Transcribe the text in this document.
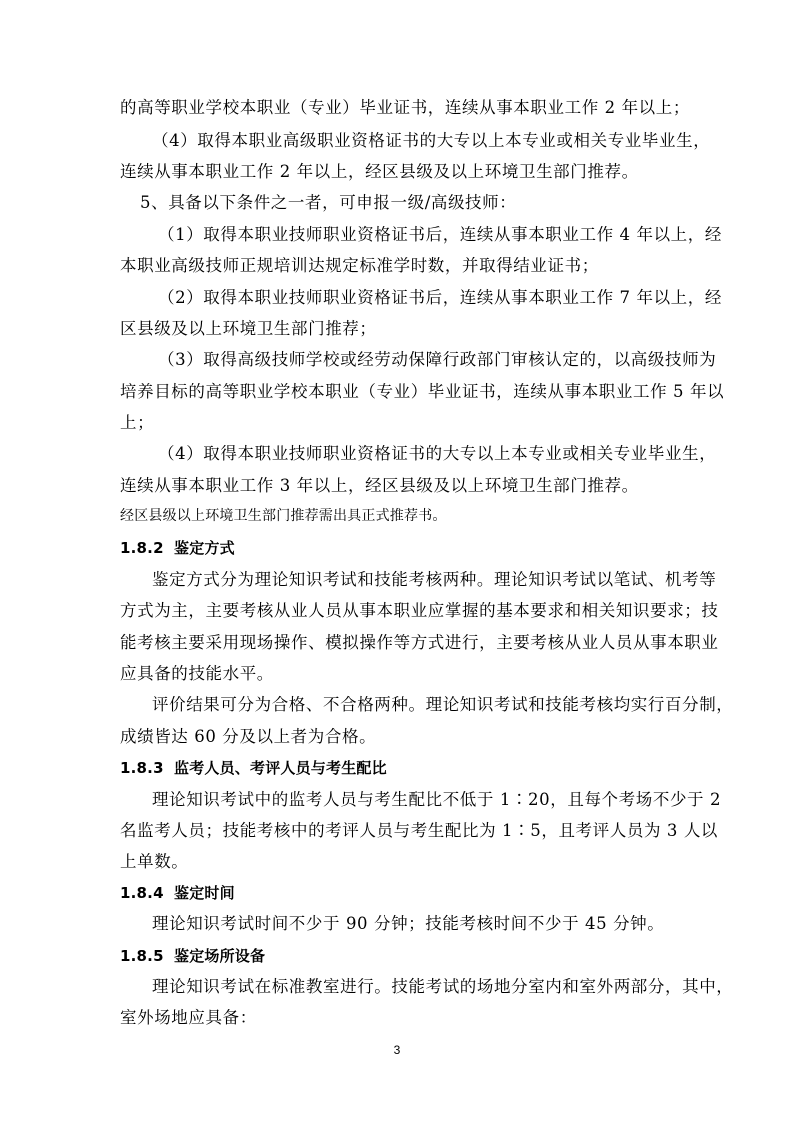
的高等职业学校本职业（专业）毕业证书，连续从事本职业工作 2 年以上；
（4）取得本职业高级职业资格证书的大专以上本专业或相关专业毕业生，
连续从事本职业工作 2 年以上，经区县级及以上环境卫生部门推荐。
5、具备以下条件之一者，可申报一级/高级技师：
（1）取得本职业技师职业资格证书后，连续从事本职业工作 4 年以上，经
本职业高级技师正规培训达规定标准学时数，并取得结业证书；
（2）取得本职业技师职业资格证书后，连续从事本职业工作 7 年以上，经
区县级及以上环境卫生部门推荐；
（3）取得高级技师学校或经劳动保障行政部门审核认定的，以高级技师为
培养目标的高等职业学校本职业（专业）毕业证书，连续从事本职业工作 5 年以
上；
（4）取得本职业技师职业资格证书的大专以上本专业或相关专业毕业生，
连续从事本职业工作 3 年以上，经区县级及以上环境卫生部门推荐。
经区县级以上环境卫生部门推荐需出具正式推荐书。
1.8.2 鉴定方式
鉴定方式分为理论知识考试和技能考核两种。理论知识考试以笔试、机考等
方式为主，主要考核从业人员从事本职业应掌握的基本要求和相关知识要求；技
能考核主要采用现场操作、模拟操作等方式进行，主要考核从业人员从事本职业
应具备的技能水平。
评价结果可分为合格、不合格两种。理论知识考试和技能考核均实行百分制，
成绩皆达 60 分及以上者为合格。
1.8.3 监考人员、考评人员与考生配比
理论知识考试中的监考人员与考生配比不低于 1∶20，且每个考场不少于 2
名监考人员；技能考核中的考评人员与考生配比为 1∶5，且考评人员为 3 人以
上单数。
1.8.4 鉴定时间
理论知识考试时间不少于 90 分钟；技能考核时间不少于 45 分钟。
1.8.5 鉴定场所设备
理论知识考试在标准教室进行。技能考试的场地分室内和室外两部分，其中，
室外场地应具备：
3
